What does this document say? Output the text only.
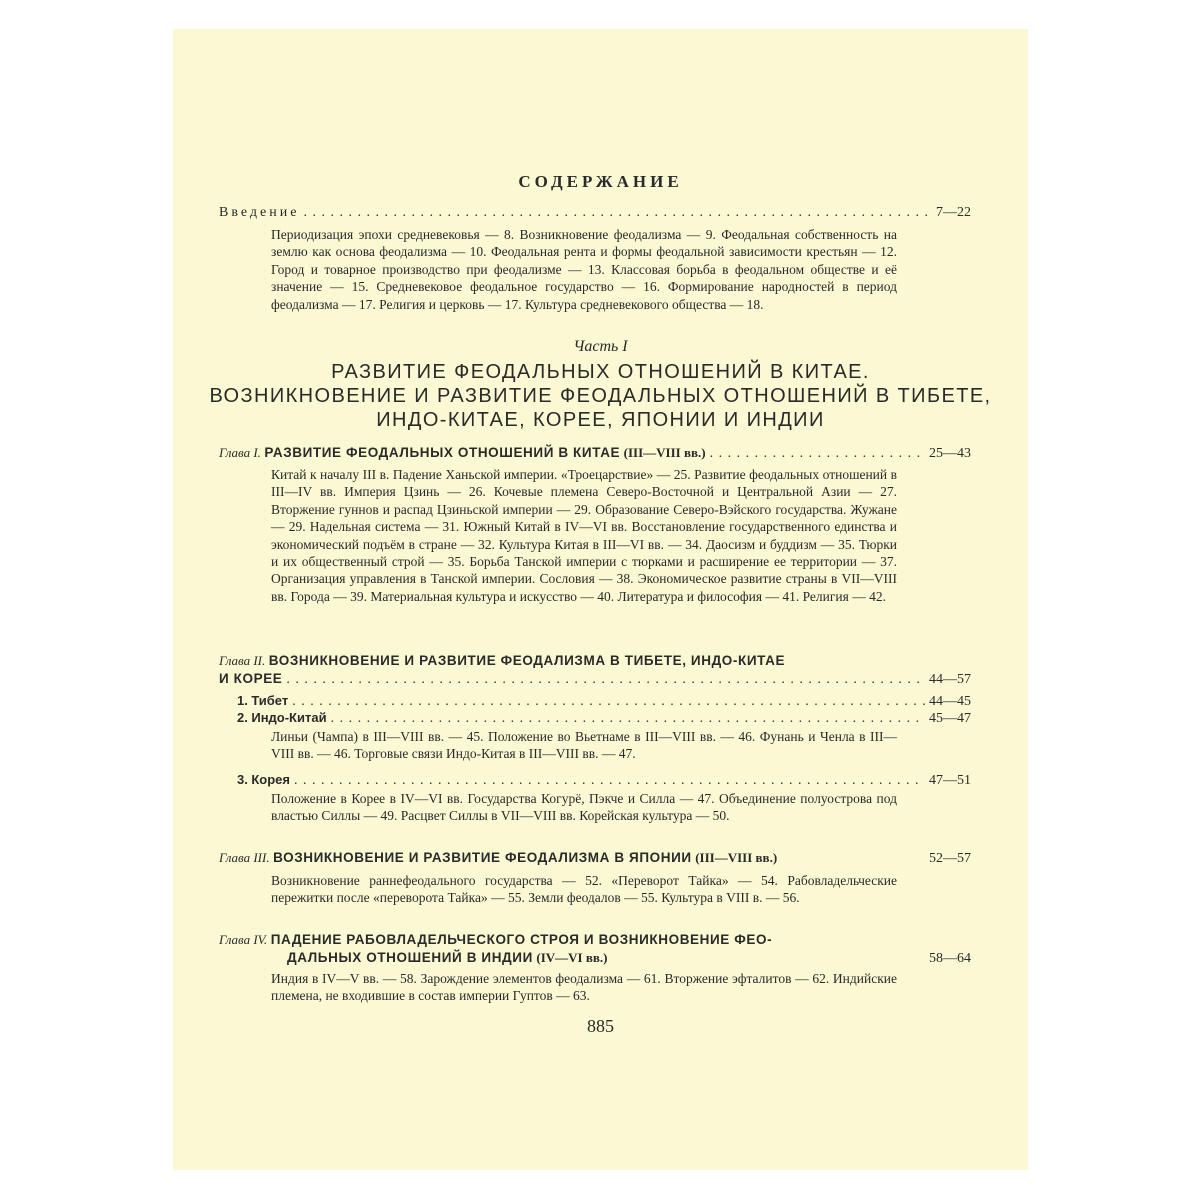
СОДЕРЖАНИЕ
Введение . . .	7—22
Периодизация эпохи средневековья — 8. Возникновение феодализма — 9. Феодальная собственность на землю как основа феодализма — 10. Феодальная рента и формы феодальной зависимости крестьян — 12. Город и товарное производство при феодализме — 13. Классовая борьба в феодальном обществе и её значение — 15. Средневековое феодальное государство — 16. Формирование народностей в период феодализма — 17. Религия и церковь — 17. Культура средневекового общества — 18.
Часть I
РАЗВИТИЕ ФЕОДАЛЬНЫХ ОТНОШЕНИЙ В КИТАЕ.
ВОЗНИКНОВЕНИЕ И РАЗВИТИЕ ФЕОДАЛЬНЫХ ОТНОШЕНИЙ В ТИБЕТЕ,
ИНДО-КИТАЕ, КОРЕЕ, ЯПОНИИ И ИНДИИ
Глава I. РАЗВИТИЕ ФЕОДАЛЬНЫХ ОТНОШЕНИЙ В КИТАЕ (III—VIII вв.) . . .	25—43
Китай к началу III в. Падение Ханьской империи. «Троецарствие» — 25. Развитие феодальных отношений в III—IV вв. Империя Цзинь — 26. Кочевые племена Северо-Восточной и Центральной Азии — 27. Вторжение гуннов и распад Цзиньской империи — 29. Образование Северо-Вэйского государства. Жужане — 29. Надельная система — 31. Южный Китай в IV—VI вв. Восстановление государственного единства и экономический подъём в стране — 32. Культура Китая в III—VI вв. — 34. Даосизм и буддизм — 35. Тюрки и их общественный строй — 35. Борьба Танской империи с тюрками и расширение ее территории — 37. Организация управления в Танской империи. Сословия — 38. Экономическое развитие страны в VII—VIII вв. Города — 39. Материальная культура и искусство — 40. Литература и философия — 41. Религия — 42.
Глава II. ВОЗНИКНОВЕНИЕ И РАЗВИТИЕ ФЕОДАЛИЗМА В ТИБЕТЕ, ИНДО-КИТАЕ
И КОРЕЕ . . .	44—57
1.
Тибет . . .	44—45
2.
Индо-Китай . . .	45—47
Линьи (Чампа) в III—VIII вв. — 45. Положение во Вьетнаме в III—VIII вв. — 46. Фунань и Ченла в III—VIII вв. — 46. Торговые связи Индо-Китая в III—VIII вв. — 47.
3.
Корея . . .	47—51
Положение в Корее в IV—VI вв. Государства Когурё, Пэкче и Силла — 47. Объединение полуострова под властью Силлы — 49. Расцвет Силлы в VII—VIII вв. Корейская культура — 50.
Глава III. ВОЗНИКНОВЕНИЕ И РАЗВИТИЕ ФЕОДАЛИЗМА В ЯПОНИИ (III—VIII вв.)	52—57
Возникновение раннефеодального государства — 52. «Переворот Тайка» — 54. Рабовладельческие пережитки после «переворота Тайка» — 55. Земли феодалов — 55. Культура в VIII в. — 56.
Глава IV. ПАДЕНИЕ РАБОВЛАДЕЛЬЧЕСКОГО СТРОЯ И ВОЗНИКНОВЕНИЕ ФЕО-
ДАЛЬНЫХ ОТНОШЕНИЙ В ИНДИИ (IV—VI вв.)	58—64
Индия в IV—V вв. — 58. Зарождение элементов феодализма — 61. Вторжение эфталитов — 62. Индийские племена, не входившие в состав империи Гуптов — 63.
885
